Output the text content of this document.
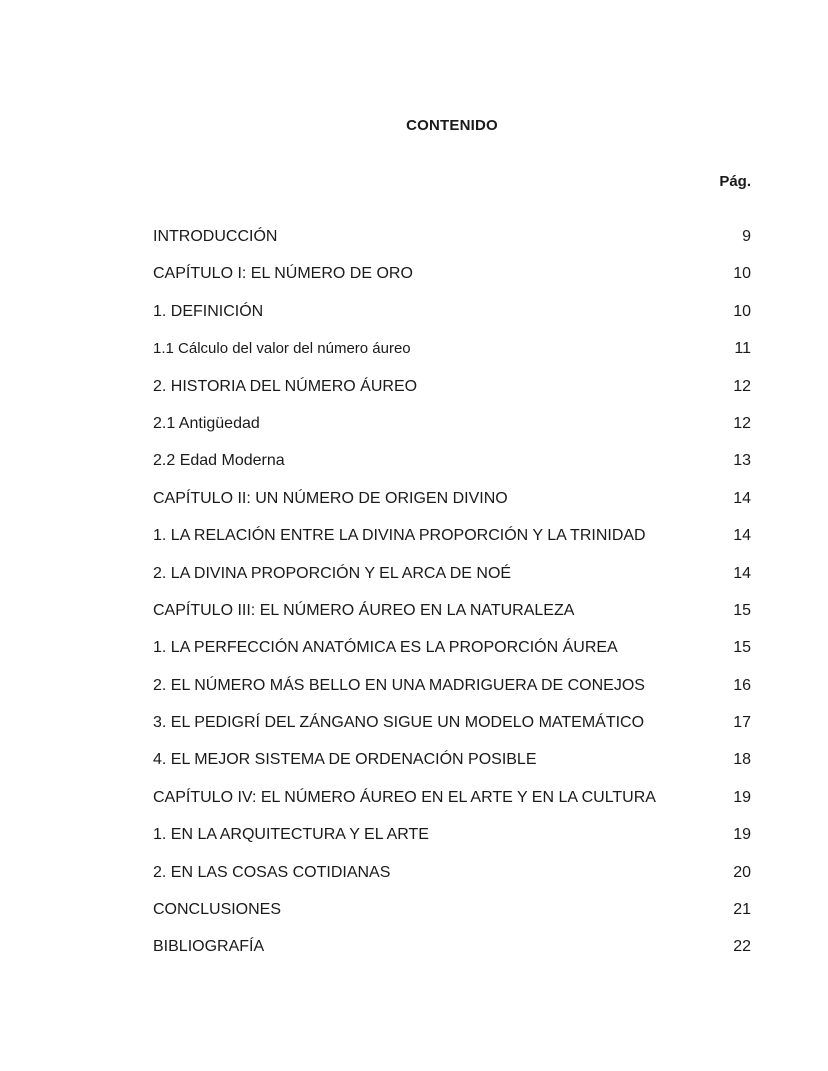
CONTENIDO
Pág.
INTRODUCCIÓN	9
CAPÍTULO I: EL NÚMERO DE ORO	10
1. DEFINICIÓN	10
1.1 Cálculo del valor del número áureo	11
2. HISTORIA DEL NÚMERO ÁUREO	12
2.1 Antigüedad	12
2.2 Edad Moderna	13
CAPÍTULO II: UN NÚMERO DE ORIGEN DIVINO	14
1. LA RELACIÓN ENTRE LA DIVINA PROPORCIÓN Y LA TRINIDAD	14
2. LA DIVINA PROPORCIÓN Y EL ARCA DE NOÉ	14
CAPÍTULO III: EL NÚMERO ÁUREO EN LA NATURALEZA	15
1. LA PERFECCIÓN ANATÓMICA ES LA PROPORCIÓN ÁUREA	15
2. EL NÚMERO MÁS BELLO EN UNA MADRIGUERA DE CONEJOS	16
3. EL PEDIGRÍ DEL ZÁNGANO SIGUE UN MODELO MATEMÁTICO	17
4. EL MEJOR SISTEMA DE ORDENACIÓN POSIBLE	18
CAPÍTULO IV: EL NÚMERO ÁUREO EN EL ARTE Y EN LA CULTURA	19
1. EN LA ARQUITECTURA Y EL ARTE	19
2. EN LAS COSAS COTIDIANAS	20
CONCLUSIONES	21
BIBLIOGRAFÍA	22
